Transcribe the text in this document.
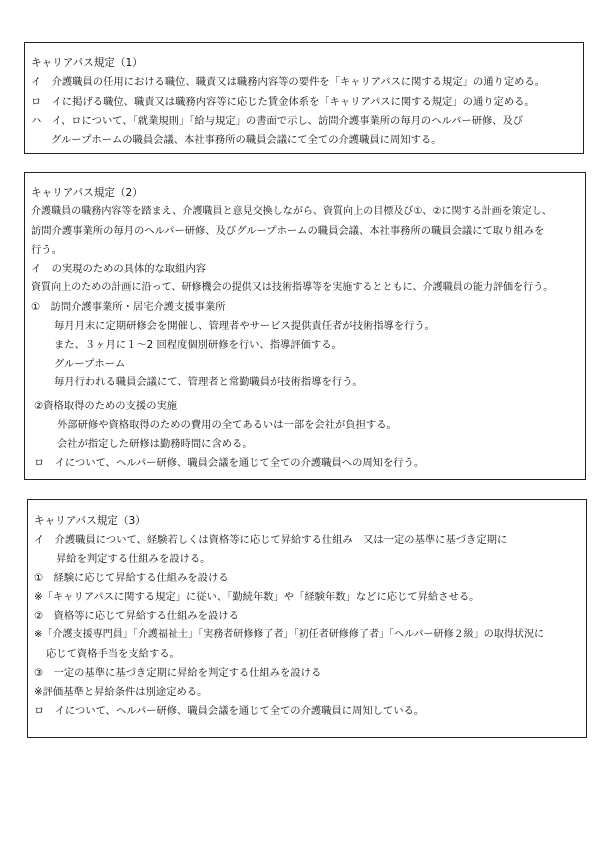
キャリアパス規定（1）
イ　介護職員の任用における職位、職責又は職務内容等の要件を「キャリアパスに関する規定」の通り定める。
ロ　イに掲げる職位、職責又は職務内容等に応じた賃金体系を「キャリアパスに関する規定」の通り定める。
ハ　イ、ロについて、「就業規則」「給与規定」の書面で示し、訪問介護事業所の毎月のヘルパー研修、及び
グループホームの職員会議、本社事務所の職員会議にて全ての介護職員に周知する。
キャリアパス規定（2）
介護職員の職務内容等を踏まえ、介護職員と意見交換しながら、資質向上の目標及び①、②に関する計画を策定し、
訪問介護事業所の毎月のヘルパー研修、及びグループホームの職員会議、本社事務所の職員会議にて取り組みを
行う。
イ　の実現のための具体的な取組内容
資質向上のための計画に沿って、研修機会の提供又は技術指導等を実施するとともに、介護職員の能力評価を行う。
①　訪問介護事業所・居宅介護支援事業所
毎月月末に定期研修会を開催し、管理者やサービス提供責任者が技術指導を行う。
また、３ヶ月に１〜2 回程度個別研修を行い、指導評価する。
グループホーム
毎月行われる職員会議にて、管理者と常勤職員が技術指導を行う。
②資格取得のための支援の実施
外部研修や資格取得のための費用の全てあるいは一部を会社が負担する。
会社が指定した研修は勤務時間に含める。
ロ　イについて、ヘルパー研修、職員会議を通じて全ての介護職員への周知を行う。
キャリアパス規定（3）
イ　介護職員について、経験若しくは資格等に応じて昇給する仕組み　又は一定の基準に基づき定期に
昇給を判定する仕組みを設ける。
①　経験に応じて昇給する仕組みを設ける
※「キャリアパスに関する規定」に従い、「勤続年数」や「経験年数」などに応じて昇給させる。
②　資格等に応じて昇給する仕組みを設ける
※「介護支援専門員」「介護福祉士」「実務者研修修了者」「初任者研修修了者」「ヘルパー研修２級」の取得状況に
応じて資格手当を支給する。
③　一定の基準に基づき定期に昇給を判定する仕組みを設ける
※評価基準と昇給条件は別途定める。
ロ　イについて、ヘルパー研修、職員会議を通じて全ての介護職員に周知している。
